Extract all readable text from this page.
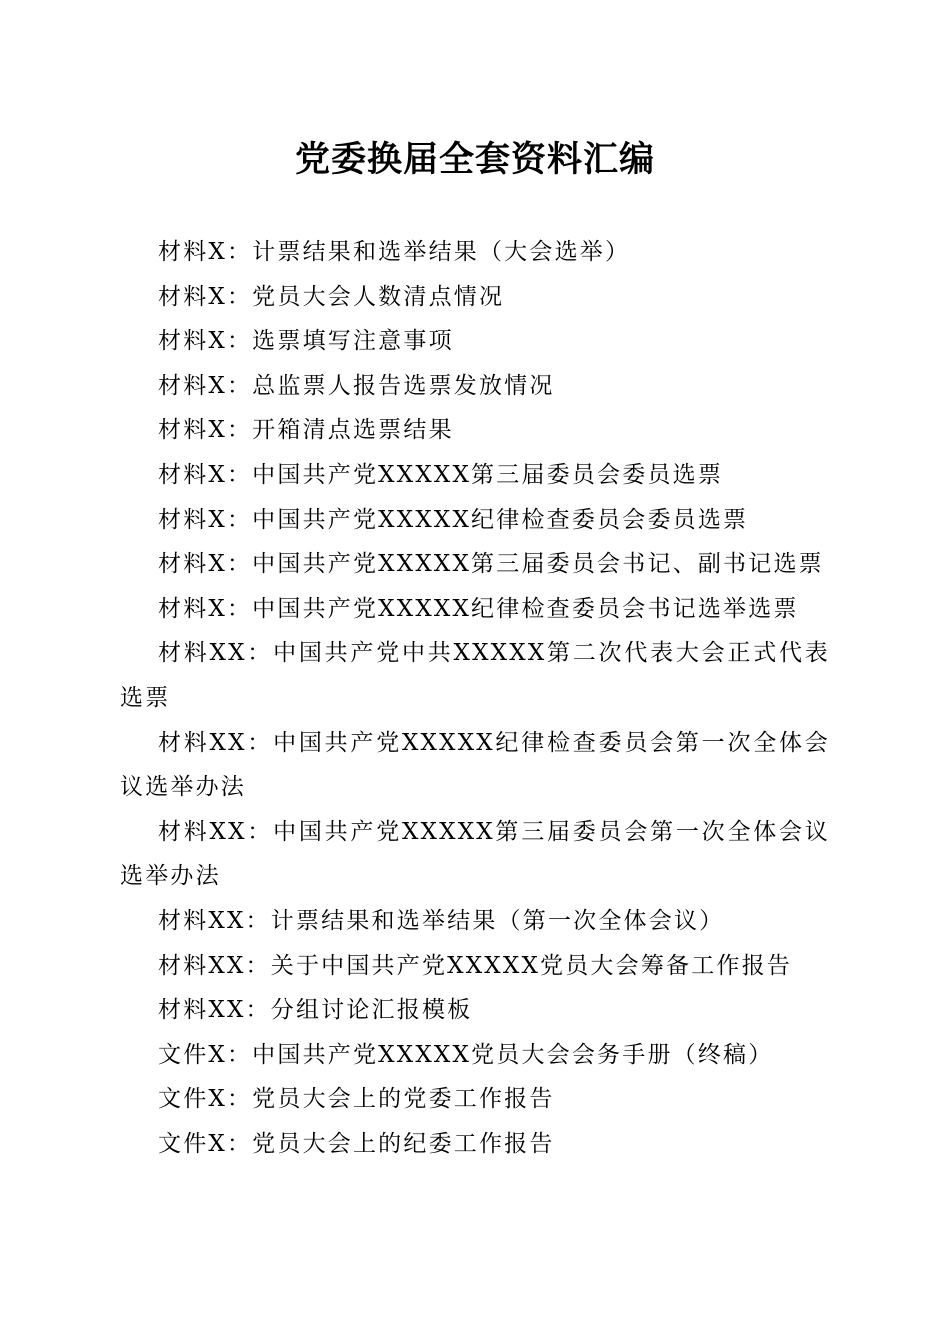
党委换届全套资料汇编
材料X：计票结果和选举结果（大会选举）
材料X：党员大会人数清点情况
材料X：选票填写注意事项
材料X：总监票人报告选票发放情况
材料X：开箱清点选票结果
材料X：中国共产党XXXXX第三届委员会委员选票
材料X：中国共产党XXXXX纪律检查委员会委员选票
材料X：中国共产党XXXXX第三届委员会书记、副书记选票
材料X：中国共产党XXXXX纪律检查委员会书记选举选票
材料XX：中国共产党中共XXXXX第二次代表大会正式代表选票
材料XX：中国共产党XXXXX纪律检查委员会第一次全体会议选举办法
材料XX：中国共产党XXXXX第三届委员会第一次全体会议选举办法
材料XX：计票结果和选举结果（第一次全体会议）
材料XX：关于中国共产党XXXXX党员大会筹备工作报告
材料XX：分组讨论汇报模板
文件X：中国共产党XXXXX党员大会会务手册（终稿）
文件X：党员大会上的党委工作报告
文件X：党员大会上的纪委工作报告
